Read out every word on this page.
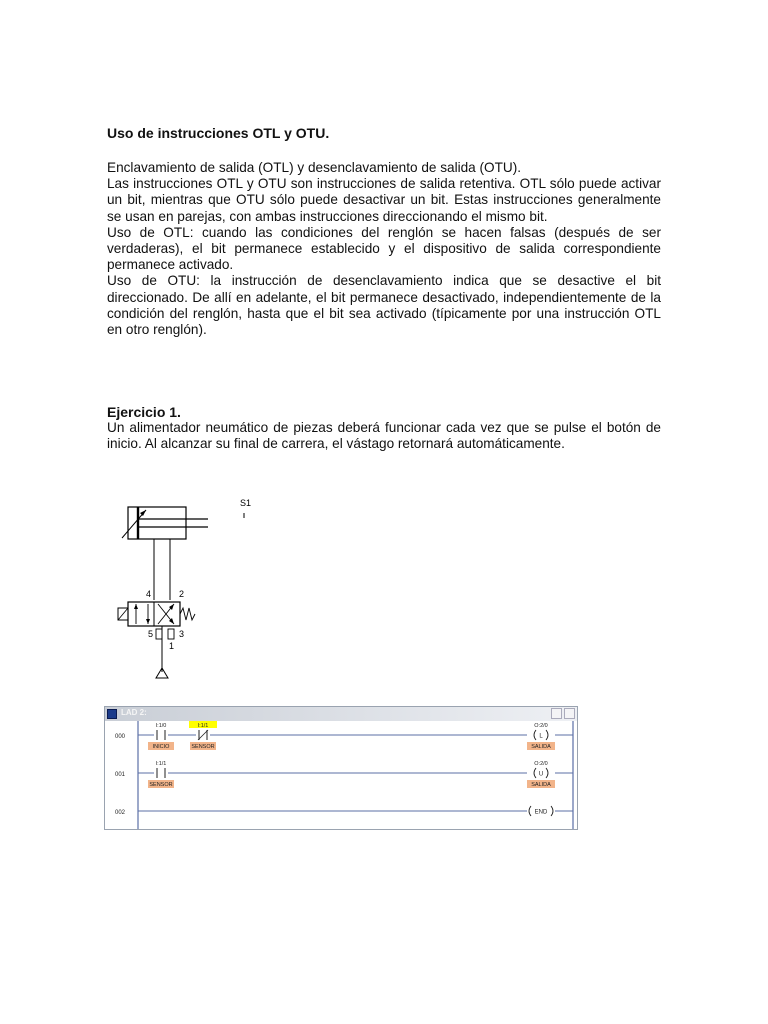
Uso de instrucciones OTL y OTU.

Enclavamiento de salida (OTL) y desenclavamiento de salida (OTU).

Las instrucciones OTL y OTU son instrucciones de salida retentiva. OTL sólo puede activar un bit, mientras que OTU sólo puede desactivar un bit. Estas instrucciones generalmente se usan en parejas, con ambas instrucciones direccionando el mismo bit.

Uso de OTL: cuando las condiciones del renglón se hacen falsas (después de ser verdaderas), el bit permanece establecido y el dispositivo de salida correspondiente permanece activado.

Uso de OTU: la instrucción de desenclavamiento indica que se desactive el bit direccionado. De allí en adelante, el bit permanece desactivado, independientemente de la condición del renglón, hasta que el bit sea activado (típicamente por una instrucción OTL en otro renglón).

Ejercicio 1.

Un alimentador neumático de piezas deberá funcionar cada vez que se pulse el botón de inicio. Al alcanzar su final de carrera, el vástago retornará automáticamente.

S1
4	2
5	3
1
LAD 2:
000
I:1/0
INICIO
I:1/1
SENSOR
O:2/0
L
SALIDA
001
I:1/1
SENSOR
O:2/0
U
SALIDA
002	END
